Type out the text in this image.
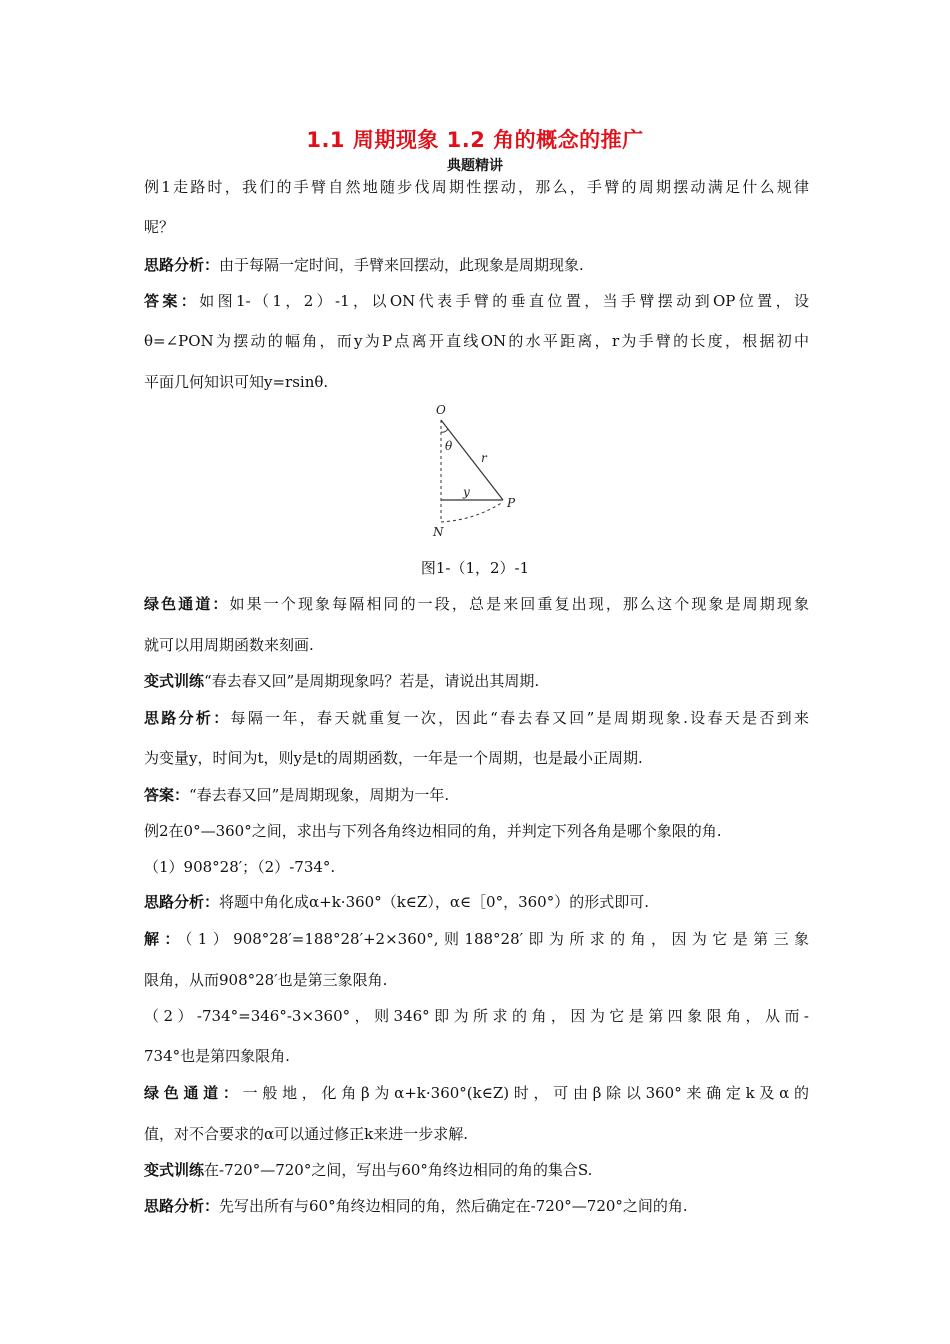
1.1 周期现象 1.2 角的概念的推广
典题精讲
例1走路时，我们的手臂自然地随步伐周期性摆动，那么，手臂的周期摆动满足什么规律
呢？
思路分析：由于每隔一定时间，手臂来回摆动，此现象是周期现象.
答案：如图1-（1，2）-1，以ON代表手臂的垂直位置，当手臂摆动到OP位置，设
θ=∠PON为摆动的幅角，而y为P点离开直线ON的水平距离，r为手臂的长度，根据初中
平面几何知识可知y=rsinθ.
O
θ
r
y
P
N
图1-（1，2）-1
绿色通道：如果一个现象每隔相同的一段，总是来回重复出现，那么这个现象是周期现象
就可以用周期函数来刻画.
变式训练“春去春又回”是周期现象吗？若是，请说出其周期.
思路分析：每隔一年，春天就重复一次，因此“春去春又回”是周期现象.设春天是否到来
为变量y，时间为t，则y是t的周期函数，一年是一个周期，也是最小正周期.
答案：“春去春又回”是周期现象，周期为一年.
例2在0°—360°之间，求出与下列各角终边相同的角，并判定下列各角是哪个象限的角.
（1）908°28′；（2）-734°.
思路分析：将题中角化成α+k·360°（k∈Z），α∈［0°，360°）的形式即可.
解：（1）908°28′=188°28′+2×360°,则188°28′即为所求的角，因为它是第三象
限角，从而908°28′也是第三象限角.
（2）-734°=346°-3×360°，则346°即为所求的角，因为它是第四象限角，从而-
734°也是第四象限角.
绿色通道：一般地，化角β为α+k·360°(k∈Z)时，可由β除以360°来确定k及α的
值，对不合要求的α可以通过修正k来进一步求解.
变式训练在-720°—720°之间，写出与60°角终边相同的角的集合S.
思路分析：先写出所有与60°角终边相同的角，然后确定在-720°—720°之间的角.
